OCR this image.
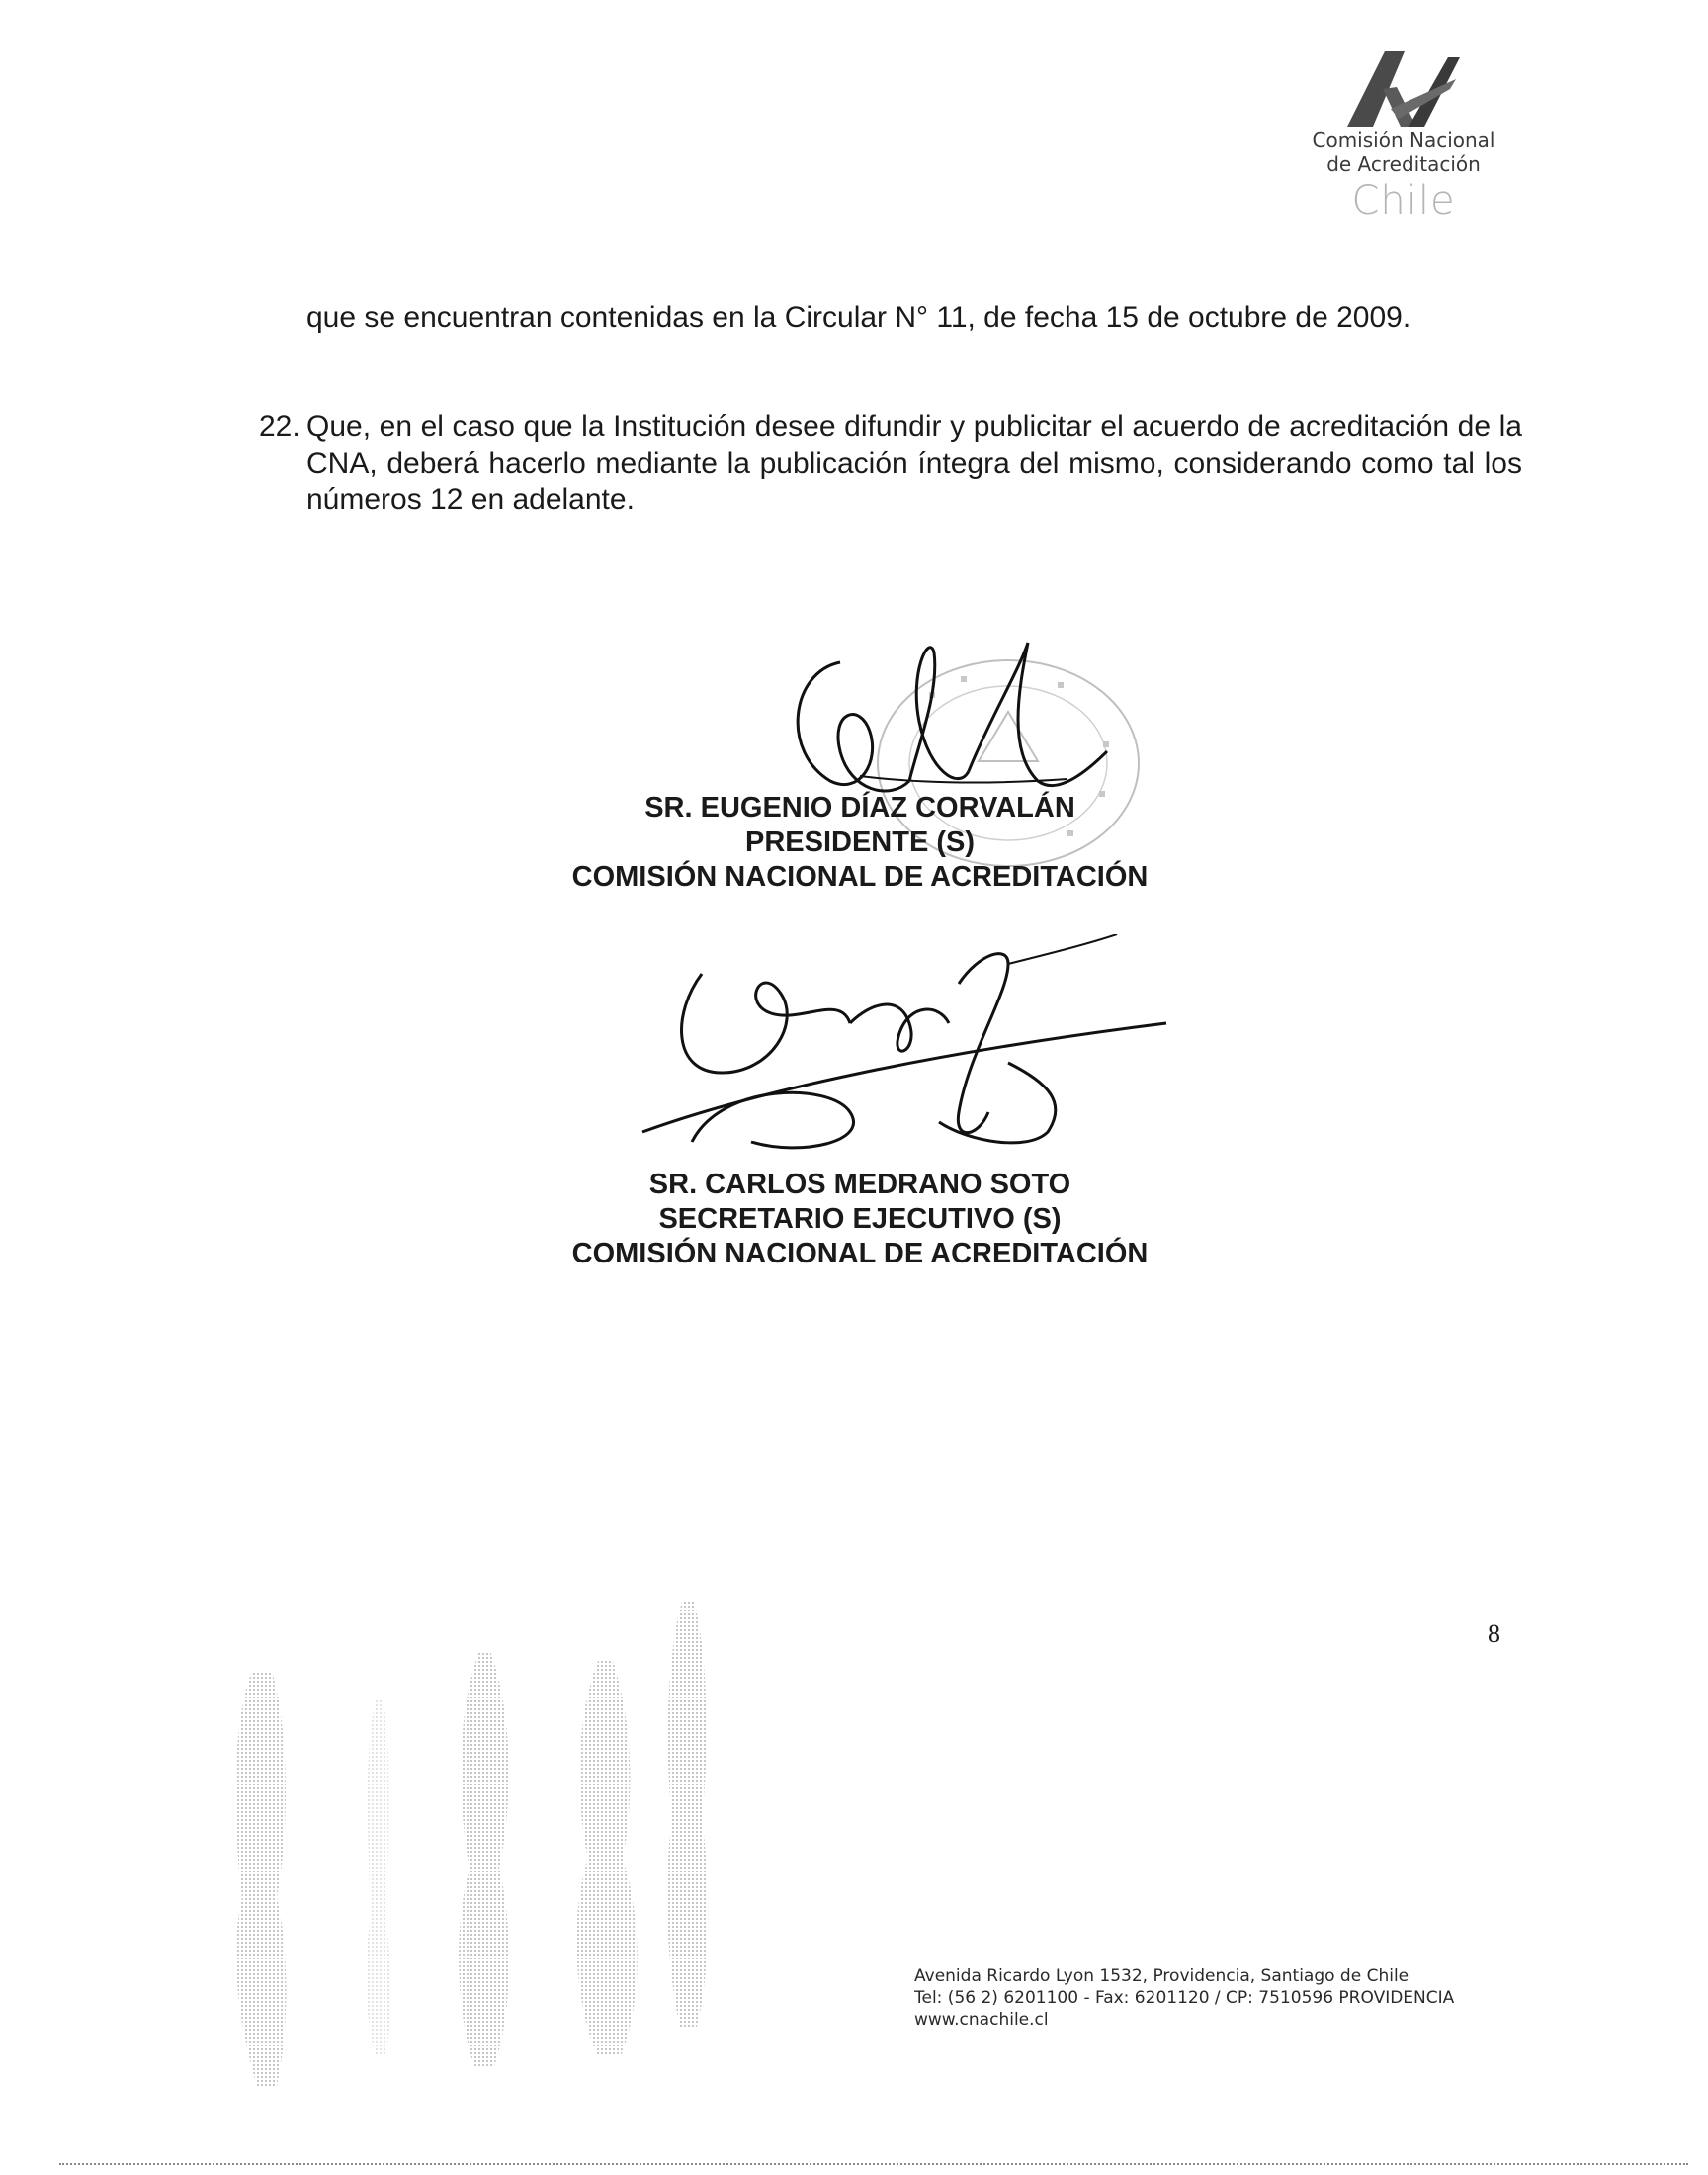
Comisión Nacional
de Acreditación
Chile
que se encuentran contenidas en la Circular N° 11, de fecha 15 de octubre de 2009.
22. Que, en el caso que la Institución desee difundir y publicitar el acuerdo de acreditación de la CNA, deberá hacerlo mediante la publicación íntegra del mismo, considerando como tal los números 12 en adelante.
SR. EUGENIO DÍAZ CORVALÁN
PRESIDENTE (S)
COMISIÓN NACIONAL DE ACREDITACIÓN
SR. CARLOS MEDRANO SOTO
SECRETARIO EJECUTIVO (S)
COMISIÓN NACIONAL DE ACREDITACIÓN
8
Avenida Ricardo Lyon 1532, Providencia, Santiago de Chile
Tel: (56 2) 6201100 - Fax: 6201120 / CP: 7510596 PROVIDENCIA
www.cnachile.cl
